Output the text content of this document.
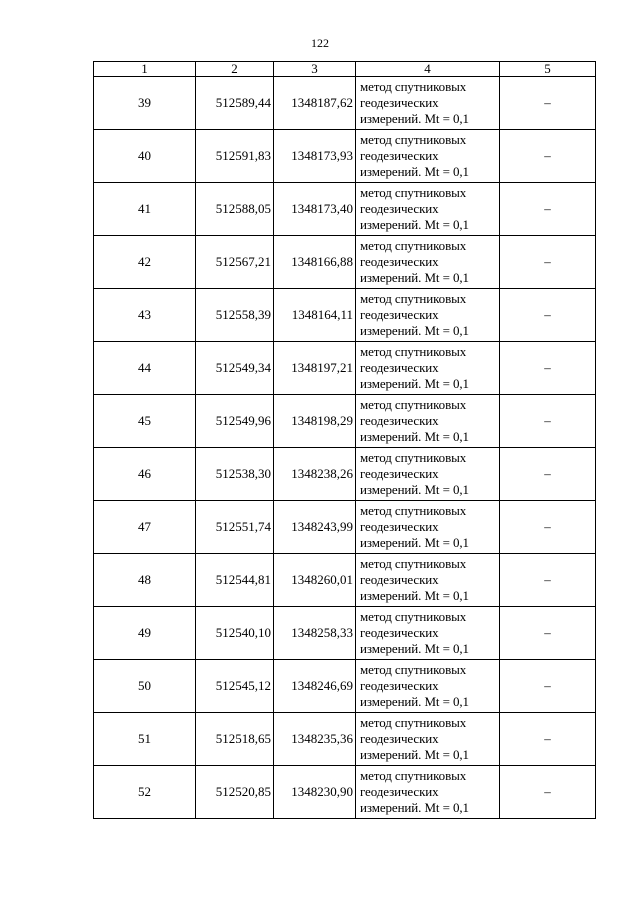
122
1	2	3	4	5
39	512589,44	1348187,62	метод спутниковых
геодезических
измерений. Mt = 0,1	–
40	512591,83	1348173,93	метод спутниковых
геодезических
измерений. Mt = 0,1	–
41	512588,05	1348173,40	метод спутниковых
геодезических
измерений. Mt = 0,1	–
42	512567,21	1348166,88	метод спутниковых
геодезических
измерений. Mt = 0,1	–
43	512558,39	1348164,11	метод спутниковых
геодезических
измерений. Mt = 0,1	–
44	512549,34	1348197,21	метод спутниковых
геодезических
измерений. Mt = 0,1	–
45	512549,96	1348198,29	метод спутниковых
геодезических
измерений. Mt = 0,1	–
46	512538,30	1348238,26	метод спутниковых
геодезических
измерений. Mt = 0,1	–
47	512551,74	1348243,99	метод спутниковых
геодезических
измерений. Mt = 0,1	–
48	512544,81	1348260,01	метод спутниковых
геодезических
измерений. Mt = 0,1	–
49	512540,10	1348258,33	метод спутниковых
геодезических
измерений. Mt = 0,1	–
50	512545,12	1348246,69	метод спутниковых
геодезических
измерений. Mt = 0,1	–
51	512518,65	1348235,36	метод спутниковых
геодезических
измерений. Mt = 0,1	–
52	512520,85	1348230,90	метод спутниковых
геодезических
измерений. Mt = 0,1	–
